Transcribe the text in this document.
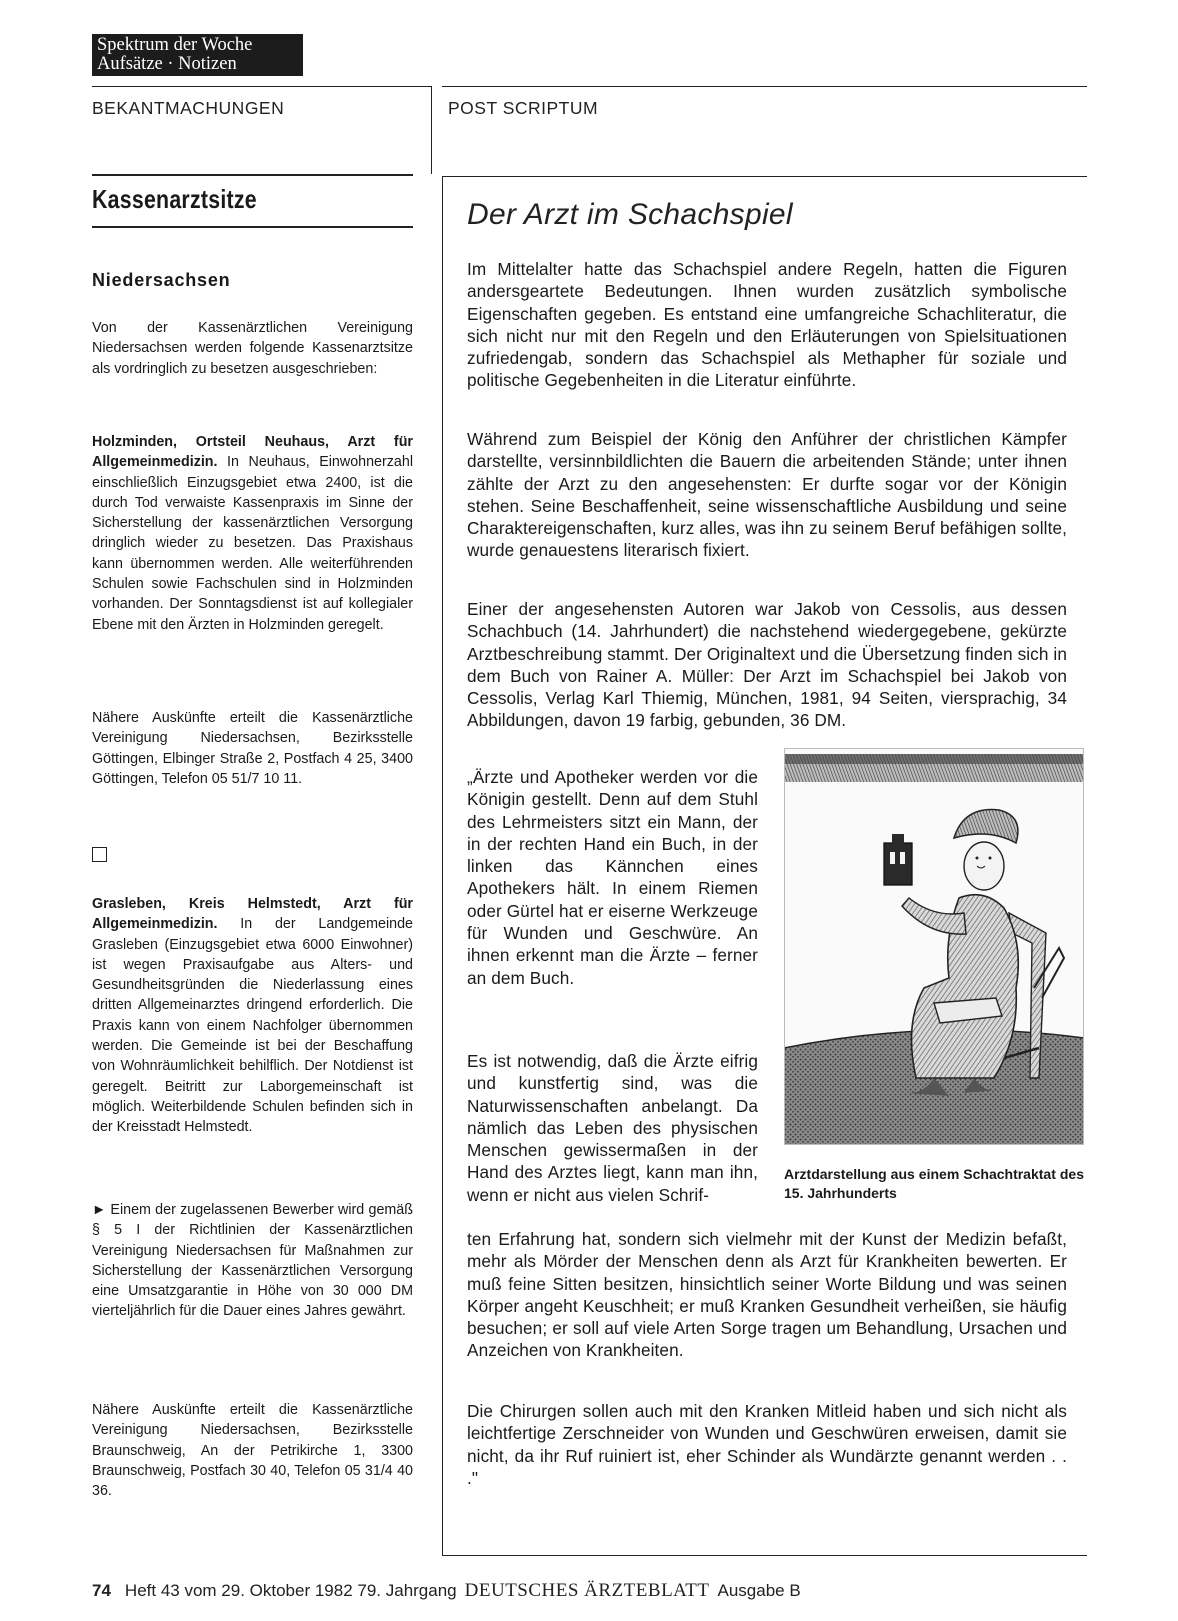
Spektrum der Woche
Aufsätze · Notizen
BEKANTMACHUNGEN	POST SCRIPTUM
Kassenarztsitze
Niedersachsen
Von der Kassenärztlichen Vereinigung Niedersachsen werden folgende Kassenarztsitze als vordringlich zu besetzen ausgeschrieben:
Holzminden, Ortsteil Neuhaus, Arzt für Allgemeinmedizin. In Neuhaus, Einwohnerzahl einschließlich Einzugsgebiet etwa 2400, ist die durch Tod verwaiste Kassenpraxis im Sinne der Sicherstellung der kassenärztlichen Versorgung dringlich wieder zu besetzen. Das Praxishaus kann übernommen werden. Alle weiterführenden Schulen sowie Fachschulen sind in Holzminden vorhanden. Der Sonntagsdienst ist auf kollegialer Ebene mit den Ärzten in Holzminden geregelt.
Nähere Auskünfte erteilt die Kassenärztliche Vereinigung Niedersachsen, Bezirksstelle Göttingen, Elbinger Straße 2, Postfach 4 25, 3400 Göttingen, Telefon 05 51/7 10 11.
Grasleben, Kreis Helmstedt, Arzt für Allgemeinmedizin. In der Landgemeinde Grasleben (Einzugsgebiet etwa 6000 Einwohner) ist wegen Praxisaufgabe aus Alters- und Gesundheitsgründen die Niederlassung eines dritten Allgemeinarztes dringend erforderlich. Die Praxis kann von einem Nachfolger übernommen werden. Die Gemeinde ist bei der Beschaffung von Wohnräumlichkeit behilflich. Der Notdienst ist geregelt. Beitritt zur Laborgemeinschaft ist möglich. Weiterbildende Schulen befinden sich in der Kreisstadt Helmstedt.
► Einem der zugelassenen Bewerber wird gemäß § 5 I der Richtlinien der Kassenärztlichen Vereinigung Niedersachsen für Maßnahmen zur Sicherstellung der Kassenärztlichen Versorgung eine Umsatzgarantie in Höhe von 30 000 DM vierteljährlich für die Dauer eines Jahres gewährt.
Nähere Auskünfte erteilt die Kassenärztliche Vereinigung Niedersachsen, Bezirksstelle Braunschweig, An der Petrikirche 1, 3300 Braunschweig, Postfach 30 40, Telefon 05 31/4 40 36.
Der Arzt im Schachspiel
Im Mittelalter hatte das Schachspiel andere Regeln, hatten die Figuren andersgeartete Bedeutungen. Ihnen wurden zusätzlich symbolische Eigenschaften gegeben. Es entstand eine umfangreiche Schachliteratur, die sich nicht nur mit den Regeln und den Erläuterungen von Spielsituationen zufriedengab, sondern das Schachspiel als Methapher für soziale und politische Gegebenheiten in die Literatur einführte.
Während zum Beispiel der König den Anführer der christlichen Kämpfer darstellte, versinnbildlichten die Bauern die arbeitenden Stände; unter ihnen zählte der Arzt zu den angesehensten: Er durfte sogar vor der Königin stehen. Seine Beschaffenheit, seine wissenschaftliche Ausbildung und seine Charaktereigenschaften, kurz alles, was ihn zu seinem Beruf befähigen sollte, wurde genauestens literarisch fixiert.
Einer der angesehensten Autoren war Jakob von Cessolis, aus dessen Schachbuch (14. Jahrhundert) die nachstehend wiedergegebene, gekürzte Arztbeschreibung stammt. Der Originaltext und die Übersetzung finden sich in dem Buch von Rainer A. Müller: Der Arzt im Schachspiel bei Jakob von Cessolis, Verlag Karl Thiemig, München, 1981, 94 Seiten, viersprachig, 34 Abbildungen, davon 19 farbig, gebunden, 36 DM.
„Ärzte und Apotheker werden vor die Königin gestellt. Denn auf dem Stuhl des Lehrmeisters sitzt ein Mann, der in der rechten Hand ein Buch, in der linken das Kännchen eines Apothekers hält. In einem Riemen oder Gürtel hat er eiserne Werkzeuge für Wunden und Geschwüre. An ihnen erkennt man die Ärzte – ferner an dem Buch.
Es ist notwendig, daß die Ärzte eifrig und kunstfertig sind, was die Naturwissenschaften anbelangt. Da nämlich das Leben des physischen Menschen gewissermaßen in der Hand des Arztes liegt, kann man ihn, wenn er nicht aus vielen Schrif-
ten Erfahrung hat, sondern sich vielmehr mit der Kunst der Medizin befaßt, mehr als Mörder der Menschen denn als Arzt für Krankheiten bewerten. Er muß feine Sitten besitzen, hinsichtlich seiner Worte Bildung und was seinen Körper angeht Keuschheit; er muß Kranken Gesundheit verheißen, sie häufig besuchen; er soll auf viele Arten Sorge tragen um Behandlung, Ursachen und Anzeichen von Krankheiten.
Die Chirurgen sollen auch mit den Kranken Mitleid haben und sich nicht als leichtfertige Zerschneider von Wunden und Geschwüren erweisen, damit sie nicht, da ihr Ruf ruiniert ist, eher Schinder als Wundärzte genannt werden . . ."
Arztdarstellung aus einem Schachtraktat des 15. Jahrhunderts
74 Heft 43 vom 29. Oktober 1982 79. Jahrgang DEUTSCHES ÄRZTEBLATT Ausgabe B
